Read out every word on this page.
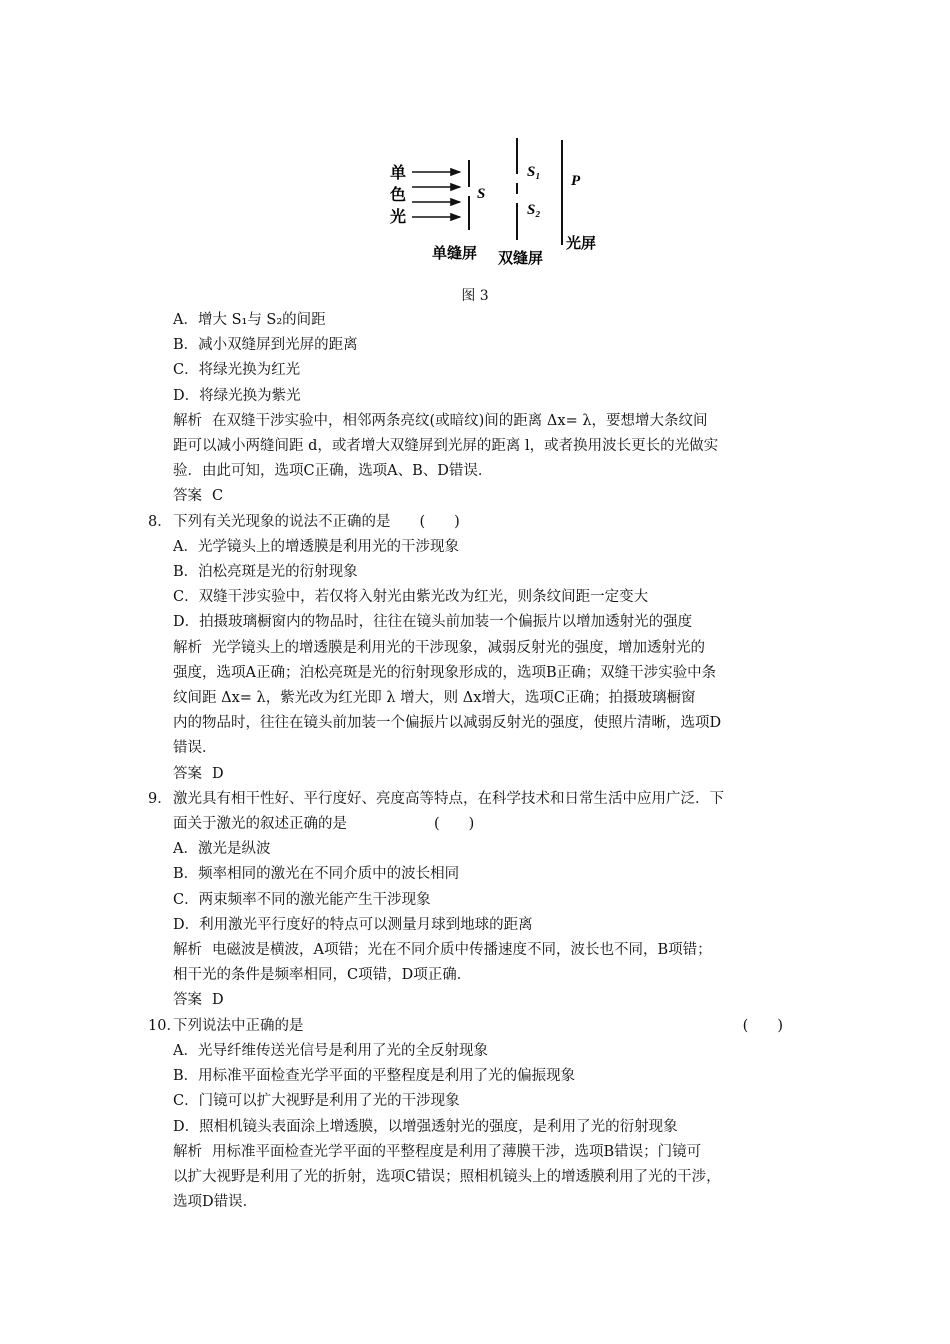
单
色
光
S
S₁
S₂
P
单缝屏 双缝屏
光屏
图 3
A．增大 S₁与 S₂的间距
B．减小双缝屏到光屏的距离
C．将绿光换为红光
D．将绿光换为紫光
解析 在双缝干涉实验中，相邻两条亮纹(或暗纹)间的距离 Δx= λ，要想增大条纹间
距可以减小两缝间距 d，或者增大双缝屏到光屏的距离 l，或者换用波长更长的光做实
验．由此可知，选项C正确，选项A、B、D错误．
答案 C
8． 下列有关光现象的说法不正确的是　　(　　)
A．光学镜头上的增透膜是利用光的干涉现象
B．泊松亮斑是光的衍射现象
C．双缝干涉实验中，若仅将入射光由紫光改为红光，则条纹间距一定变大
D．拍摄玻璃橱窗内的物品时，往往在镜头前加装一个偏振片以增加透射光的强度
解析 光学镜头上的增透膜是利用光的干涉现象，减弱反射光的强度，增加透射光的
强度，选项A正确；泊松亮斑是光的衍射现象形成的，选项B正确；双缝干涉实验中条
纹间距 Δx= λ，紫光改为红光即 λ 增大，则 Δx增大，选项C正确；拍摄玻璃橱窗
内的物品时，往往在镜头前加装一个偏振片以减弱反射光的强度，使照片清晰，选项D
错误．
答案 D
9． 激光具有相干性好、平行度好、亮度高等特点，在科学技术和日常生活中应用广泛．下
面关于激光的叙述正确的是　　　　　　(　　)
A．激光是纵波
B．频率相同的激光在不同介质中的波长相同
C．两束频率不同的激光能产生干涉现象
D．利用激光平行度好的特点可以测量月球到地球的距离
解析 电磁波是横波，A项错；光在不同介质中传播速度不同，波长也不同，B项错；
相干光的条件是频率相同，C项错，D项正确．
答案 D
10．
下列说法中正确的是	(　　)
A．光导纤维传送光信号是利用了光的全反射现象
B．用标准平面检查光学平面的平整程度是利用了光的偏振现象
C．门镜可以扩大视野是利用了光的干涉现象
D．照相机镜头表面涂上增透膜，以增强透射光的强度，是利用了光的衍射现象
解析 用标准平面检查光学平面的平整程度是利用了薄膜干涉，选项B错误；门镜可
以扩大视野是利用了光的折射，选项C错误；照相机镜头上的增透膜利用了光的干涉，
选项D错误．
